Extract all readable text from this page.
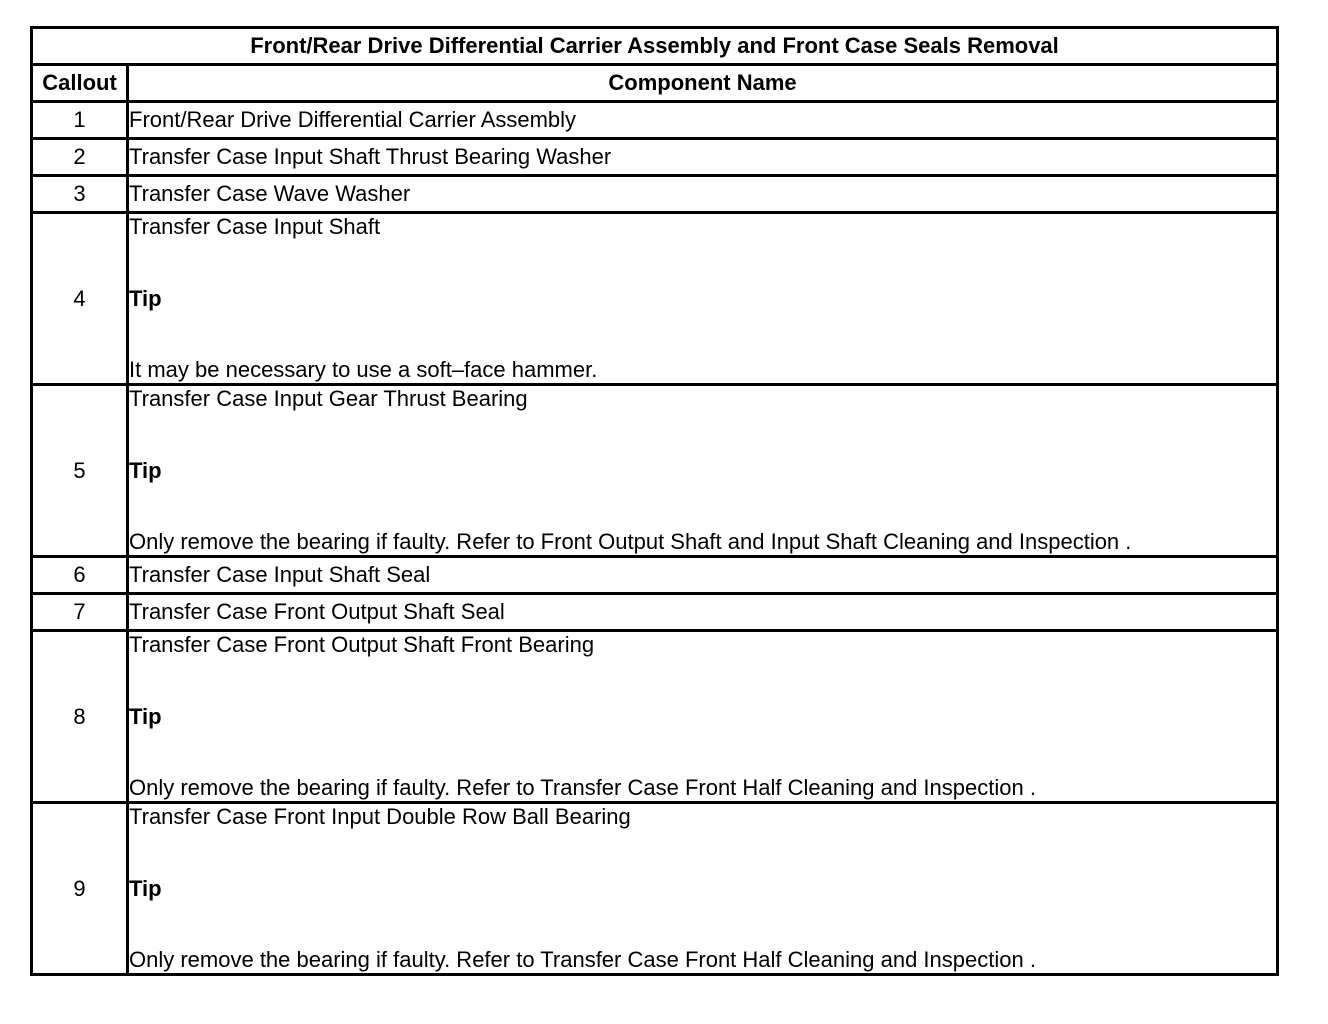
Front/Rear Drive Differential Carrier Assembly and Front Case Seals Removal	
Callout	Component Name
1	Front/Rear Drive Differential Carrier Assembly
2	Transfer Case Input Shaft Thrust Bearing Washer
3	Transfer Case Wave Washer
4	Transfer Case Input Shaft
Tip
It may be necessary to use a soft–face hammer.

5	Transfer Case Input Gear Thrust Bearing
Tip
Only remove the bearing if faulty. Refer to Front Output Shaft and Input Shaft Cleaning and Inspection .

6	Transfer Case Input Shaft Seal
7	Transfer Case Front Output Shaft Seal
8	Transfer Case Front Output Shaft Front Bearing
Tip
Only remove the bearing if faulty. Refer to Transfer Case Front Half Cleaning and Inspection .

9	Transfer Case Front Input Double Row Ball Bearing
Tip
Only remove the bearing if faulty. Refer to Transfer Case Front Half Cleaning and Inspection .
